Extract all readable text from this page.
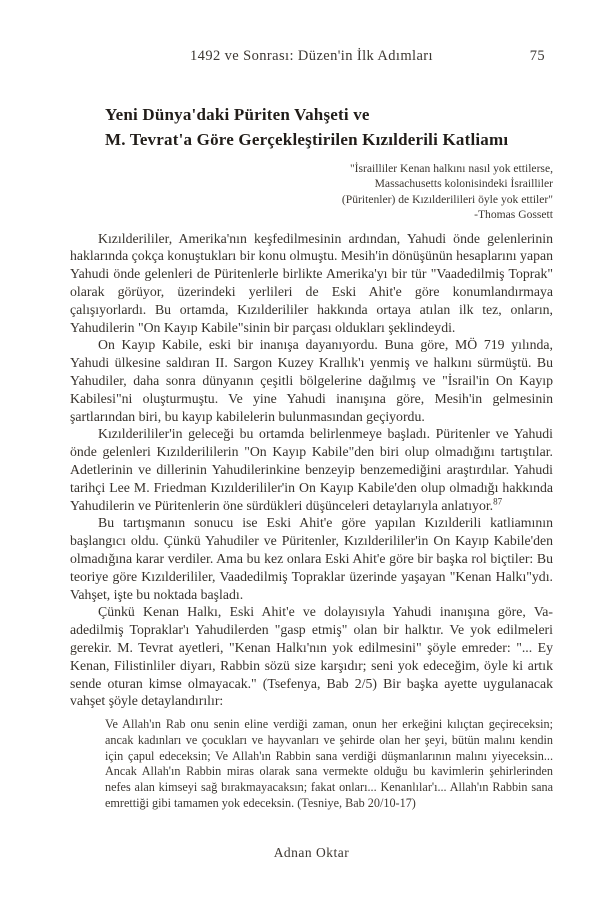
1492 ve Sonrası: Düzen'in İlk Adımları	75
Yeni Dünya'daki Püriten Vahşeti ve
M. Tevrat'a Göre Gerçekleştirilen Kızılderili Katliamı
"İsrailliler Kenan halkını nasıl yok ettilerse,
Massachusetts kolonisindeki İsrailliler
(Püritenler) de Kızılderilileri öyle yok ettiler"
-Thomas Gossett

Kızılderililer, Amerika'nın keşfedilmesinin ardından, Yahudi önde gelenlerinin haklarında çokça konuştukları bir konu olmuştu. Mesih'in dönüşünün hesaplarını yapan Yahudi önde gelenleri de Püritenlerle birlikte Amerika'yı bir tür "Vaadedilmiş Toprak" olarak görüyor, üzerindeki yerlileri de Eski Ahit'e göre konumlandırmaya çalışıyorlardı. Bu ortamda, Kızılderililer hakkında ortaya atılan ilk tez, onların, Yahudilerin "On Kayıp Kabile"sinin bir parçası oldukları şeklindeydi.

On Kayıp Kabile, eski bir inanışa dayanıyordu. Buna göre, MÖ 719 yılında, Yahudi ülkesine saldıran II. Sargon Kuzey Krallık'ı yenmiş ve halkını sürmüştü. Bu Yahudiler, daha sonra dünyanın çeşitli bölgelerine dağılmış ve "İsrail'in On Kayıp Kabilesi"ni oluşturmuştu. Ve yine Yahudi inanışına göre, Mesih'in gelmesinin şartlarından biri, bu kayıp kabilelerin bulunmasından geçiyordu.

Kızılderililer'in geleceği bu ortamda belirlenmeye başladı. Püritenler ve Yahudi önde gelenleri Kızılderililerin "On Kayıp Kabile"den biri olup olmadığını tartıştılar. Adetlerinin ve dillerinin Yahudilerinkine benzeyip benzemediğini araştırdılar. Yahudi tarihçi Lee M. Friedman Kızılderililer'in On Kayıp Kabile'den olup olmadığı hakkında Yahudilerin ve Püritenlerin öne sürdükleri düşünceleri detaylarıyla anlatıyor.$^{87}$

Bu tartışmanın sonucu ise Eski Ahit'e göre yapılan Kızılderili katliamının başlangıcı oldu. Çünkü Yahudiler ve Püritenler, Kızılderililer'in On Kayıp Kabile'den olmadığına karar verdiler. Ama bu kez onlara Eski Ahit'e göre bir başka rol biçtiler: Bu teoriye göre Kızılderililer, Vaadedilmiş Topraklar üzerinde yaşayan "Kenan Halkı"ydı. Vahşet, işte bu noktada başladı.

Çünkü Kenan Halkı, Eski Ahit'e ve dolayısıyla Yahudi inanışına göre, Vaadedilmiş Topraklar'ı Yahudilerden "gasp etmiş" olan bir halktır. Ve yok edilmeleri gerekir. M. Tevrat ayetleri, "Kenan Halkı'nın yok edilmesini" şöyle emreder: "... Ey Kenan, Filistinliler diyarı, Rabbin sözü size karşıdır; seni yok edeceğim, öyle ki artık sende oturan kimse olmayacak." (Tsefenya, Bab 2/5) Bir başka ayette uygulanacak vahşet şöyle detaylandırılır:

Ve Allah'ın Rab onu senin eline verdiği zaman, onun her erkeğini kılıçtan geçireceksin; ancak kadınları ve çocukları ve hayvanları ve şehirde olan her şeyi, bütün malını kendin için çapul edeceksin; Ve Allah'ın Rabbin sana verdiği düşmanlarının malını yiyeceksin... Ancak Allah'ın Rabbin miras olarak sana vermekte olduğu bu kavimlerin şehirlerinden nefes alan kimseyi sağ bırakmayacaksın; fakat onları... Kenanlılar'ı... Allah'ın Rabbin sana emrettiği gibi tamamen yok edeceksin. (Tesniye, Bab 20/10-17)
Adnan Oktar
